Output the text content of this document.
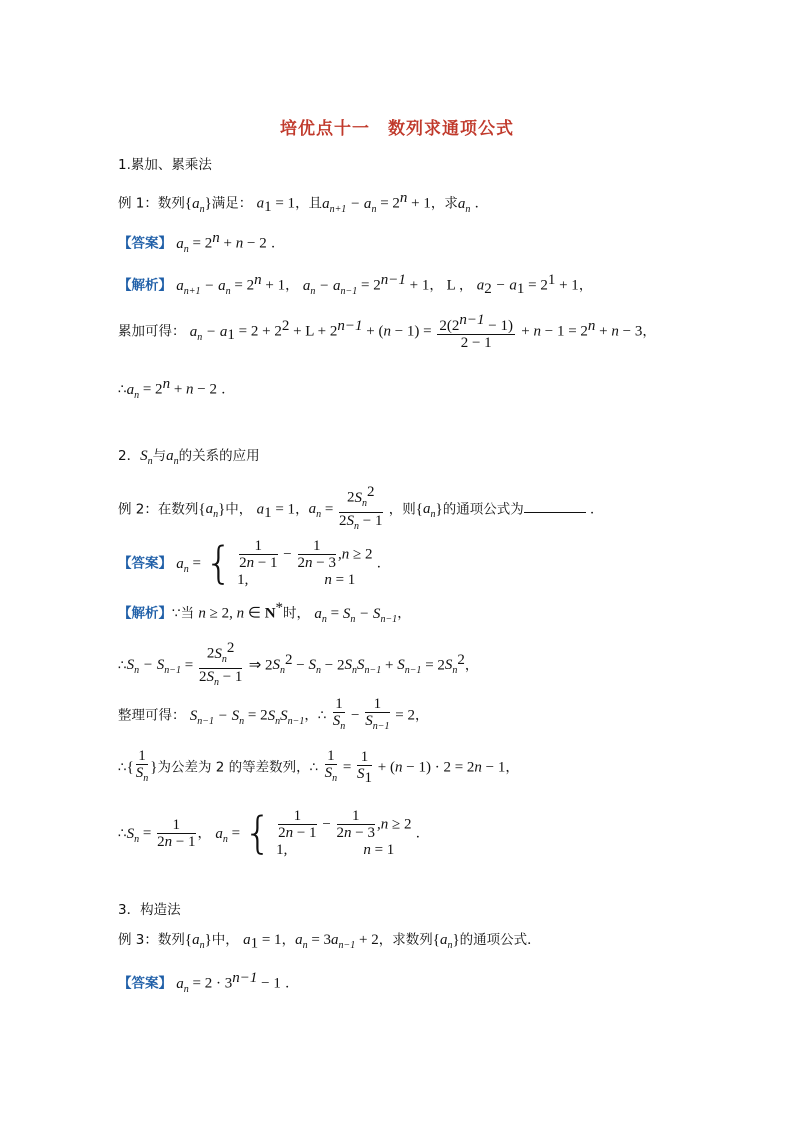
培优点十一　数列求通项公式
1.累加、累乘法
例 1：数列$\{a_n\}$满足： $a_1 = 1$，且$a_{n+1} - a_n = 2^n + 1$，求$a_n$ ．
【答案】 $a_n = 2^n + n - 2$ ．
【解析】 $a_{n+1} - a_n = 2^n + 1$， $a_n - a_{n-1} = 2^{n-1} + 1$， L ， $a_2 - a_1 = 2^1 + 1$，
累加可得： $a_n - a_1 = 2 + 2^2 + L + 2^{n-1} + (n - 1) = \frac{2(2^{n-1} - 1)}{2 - 1} + n - 1 = 2^n + n - 3$，
$\therefore a_n = 2^n + n - 2$ ．
2．$S_n$与$a_n$的关系的应用
例 2：在数列$\{a_n\}$中， $a_1 = 1$，$a_n = \frac{2S_n^2}{2S_n - 1}$ ，则$\{a_n\}$的通项公式为	．
【答案】 $a_n$ = { $\frac{1}{2n - 1} - \frac{1}{2n - 3} ,n \ge 2$
1,	n = 1
．
【解析】∵当 n ≥ 2, n ∈ N*时， $a_n = S_n - S_{n-1}$，
$\therefore S_n - S_{n-1} = \frac{2S_n^2}{2S_n - 1}$ ⇒ $2S_n^2 - S_n - 2S_nS_{n-1} + S_{n-1} = 2S_n^2$，
整理可得： $S_{n-1} - S_n = 2S_nS_{n-1}$，∴ $\frac{1}{S_n} - \frac{1}{S_{n-1}} = 2$，
∴{ $\frac{1}{S_n}$ }为公差为 2 的等差数列，∴ $\frac{1}{S_n} = \frac{1}{S_1} + (n - 1) \cdot 2 = 2n - 1$，
$\therefore S_n = \frac{1}{2n - 1}$ ， $a_n$ = { $\frac{1}{2n - 1} - \frac{1}{2n - 3} ,n \ge 2$
1,	n = 1
．
3．构造法
例 3：数列$\{a_n\}$中， $a_1 = 1$，$a_n = 3a_{n-1} + 2$，求数列$\{a_n\}$的通项公式．
【答案】 $a_n = 2 \cdot 3^{n-1} - 1$ ．
